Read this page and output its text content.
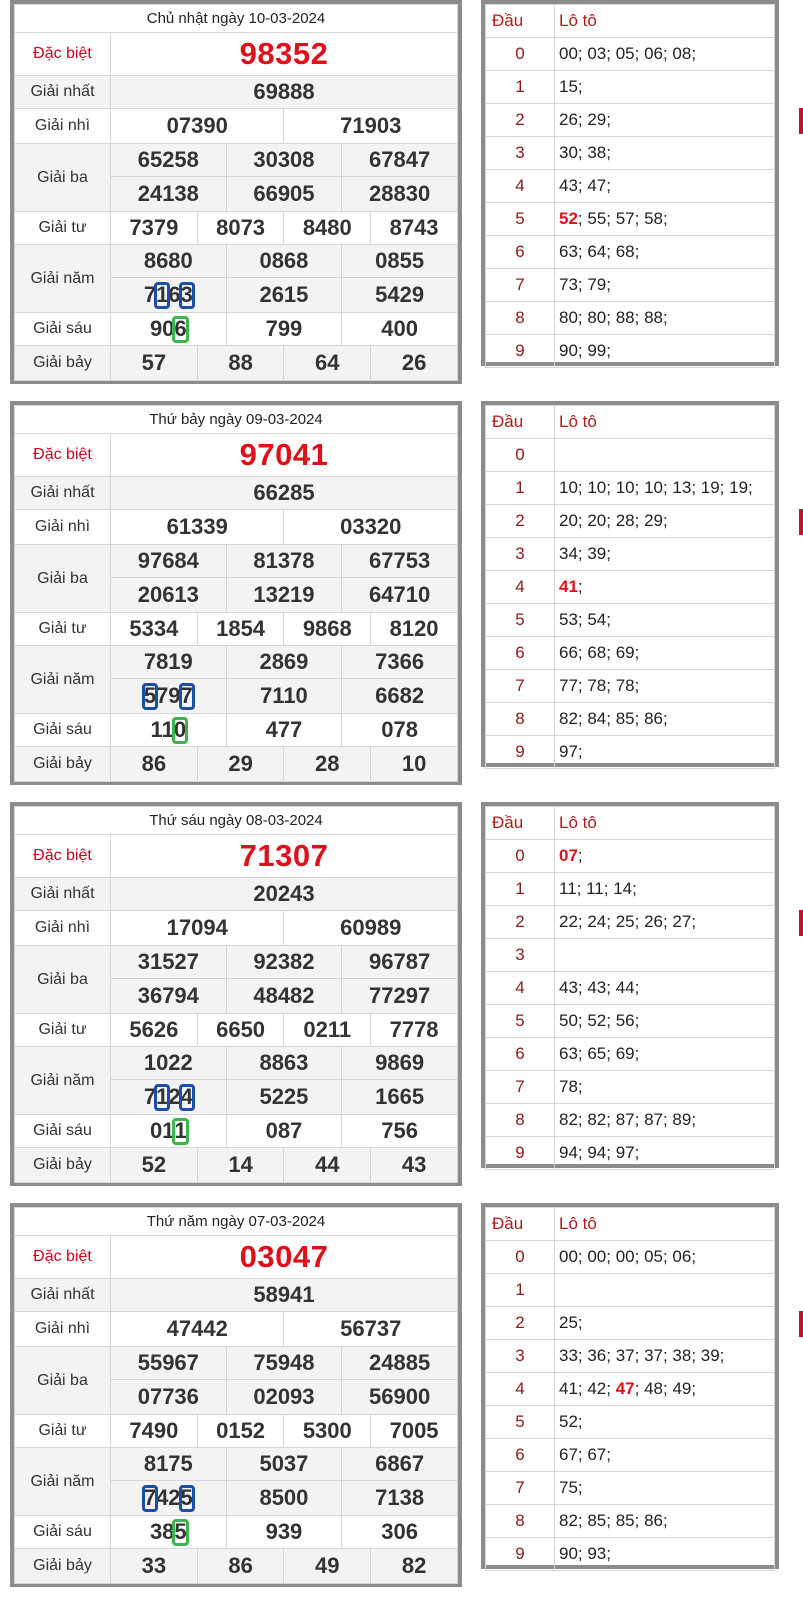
Chủ nhật ngày 10-03-2024						
Đặc biệt	98352					
Giải nhất	69888					
Giải nhì	07390			71903		
Giải ba	65258		30308		67847	
	24138		66905		28830	
Giải tư	7379	8073		8480		8743
Giải năm	8680		0868		0855	
	7163		2615		5429	
Giải sáu	906		799		400	
Giải bảy	57	88		64		26
Đầu	Lô tô
0	00; 03; 05; 06; 08;
1	15;
2	26; 29;
3	30; 38;
4	43; 47;
5	52; 55; 57; 58;
6	63; 64; 68;
7	73; 79;
8	80; 80; 88; 88;
9	90; 99;
Thứ bảy ngày 09-03-2024						
Đặc biệt	97041					
Giải nhất	66285					
Giải nhì	61339			03320		
Giải ba	97684		81378		67753	
	20613		13219		64710	
Giải tư	5334	1854		9868		8120
Giải năm	7819		2869		7366	
	5797		7110		6682	
Giải sáu	110		477		078	
Giải bảy	86	29		28		10
Đầu	Lô tô
0	
1	10; 10; 10; 10; 13; 19; 19;
2	20; 20; 28; 29;
3	34; 39;
4	41;
5	53; 54;
6	66; 68; 69;
7	77; 78; 78;
8	82; 84; 85; 86;
9	97;
Thứ sáu ngày 08-03-2024						
Đặc biệt	71307					
Giải nhất	20243					
Giải nhì	17094			60989		
Giải ba	31527		92382		96787	
	36794		48482		77297	
Giải tư	5626	6650		0211		7778
Giải năm	1022		8863		9869	
	7124		5225		1665	
Giải sáu	011		087		756	
Giải bảy	52	14		44		43
Đầu	Lô tô
0	07;
1	11; 11; 14;
2	22; 24; 25; 26; 27;
3	
4	43; 43; 44;
5	50; 52; 56;
6	63; 65; 69;
7	78;
8	82; 82; 87; 87; 89;
9	94; 94; 97;
Thứ năm ngày 07-03-2024						
Đặc biệt	03047					
Giải nhất	58941					
Giải nhì	47442			56737		
Giải ba	55967		75948		24885	
	07736		02093		56900	
Giải tư	7490	0152		5300		7005
Giải năm	8175		5037		6867	
	7425		8500		7138	
Giải sáu	385		939		306	
Giải bảy	33	86		49		82
Đầu	Lô tô
0	00; 00; 00; 05; 06;
1	
2	25;
3	33; 36; 37; 37; 38; 39;
4	41; 42; 47; 48; 49;
5	52;
6	67; 67;
7	75;
8	82; 85; 85; 86;
9	90; 93;
